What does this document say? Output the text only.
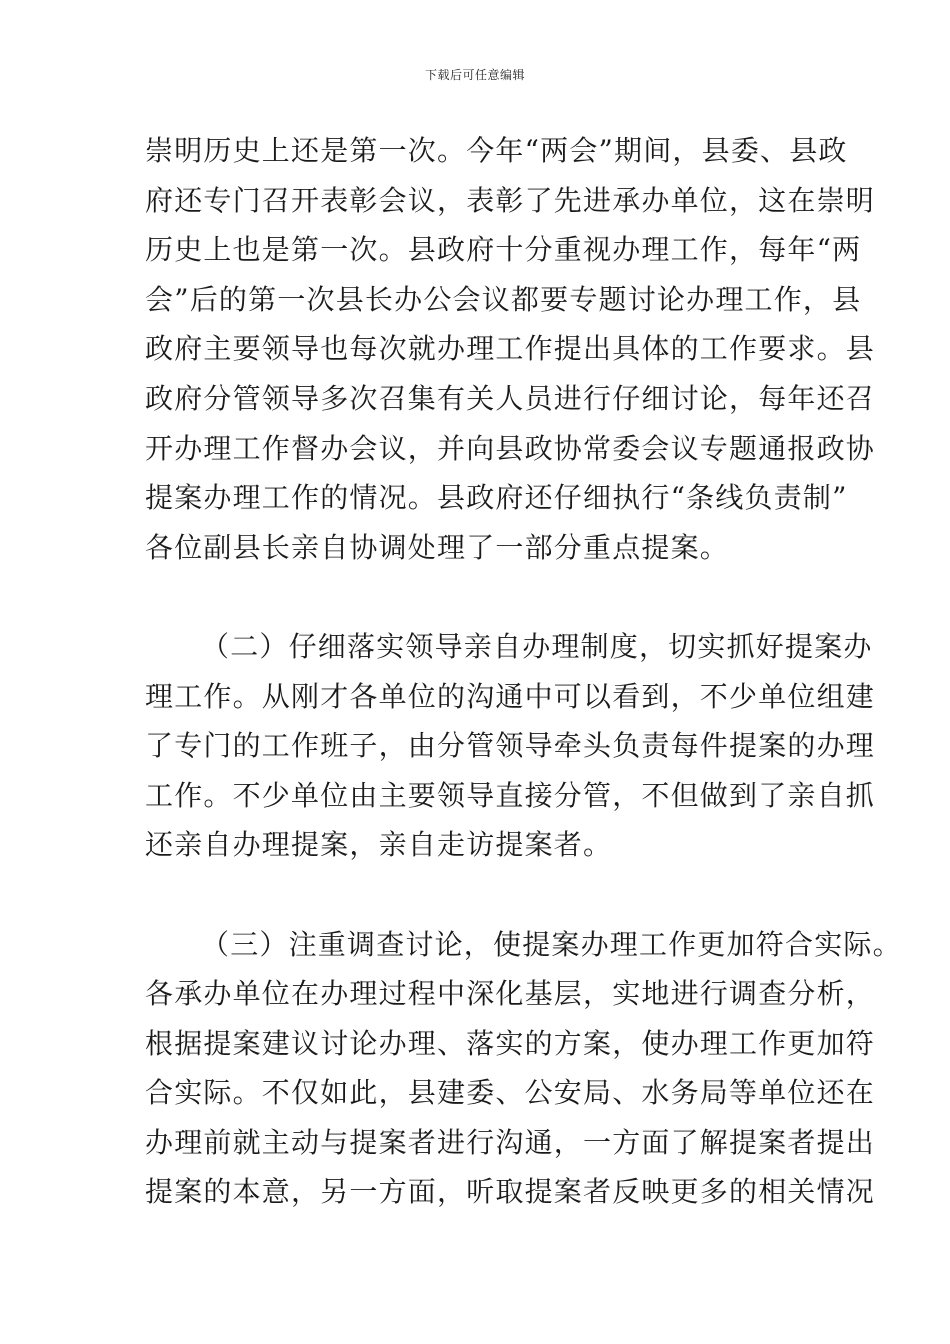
下载后可任意编辑
崇明历史上还是第一次。今年“两会”期间，县委、县政
府还专门召开表彰会议，表彰了先进承办单位，这在崇明
历史上也是第一次。县政府十分重视办理工作，每年“两
会”后的第一次县长办公会议都要专题讨论办理工作，县
政府主要领导也每次就办理工作提出具体的工作要求。县
政府分管领导多次召集有关人员进行仔细讨论，每年还召
开办理工作督办会议，并向县政协常委会议专题通报政协
提案办理工作的情况。县政府还仔细执行“条线负责制”
各位副县长亲自协调处理了一部分重点提案。
（二）仔细落实领导亲自办理制度，切实抓好提案办
理工作。从刚才各单位的沟通中可以看到，不少单位组建
了专门的工作班子，由分管领导牵头负责每件提案的办理
工作。不少单位由主要领导直接分管，不但做到了亲自抓
还亲自办理提案，亲自走访提案者。
（三）注重调查讨论，使提案办理工作更加符合实际。
各承办单位在办理过程中深化基层，实地进行调查分析，
根据提案建议讨论办理、落实的方案，使办理工作更加符
合实际。不仅如此，县建委、公安局、水务局等单位还在
办理前就主动与提案者进行沟通，一方面了解提案者提出
提案的本意，另一方面，听取提案者反映更多的相关情况
